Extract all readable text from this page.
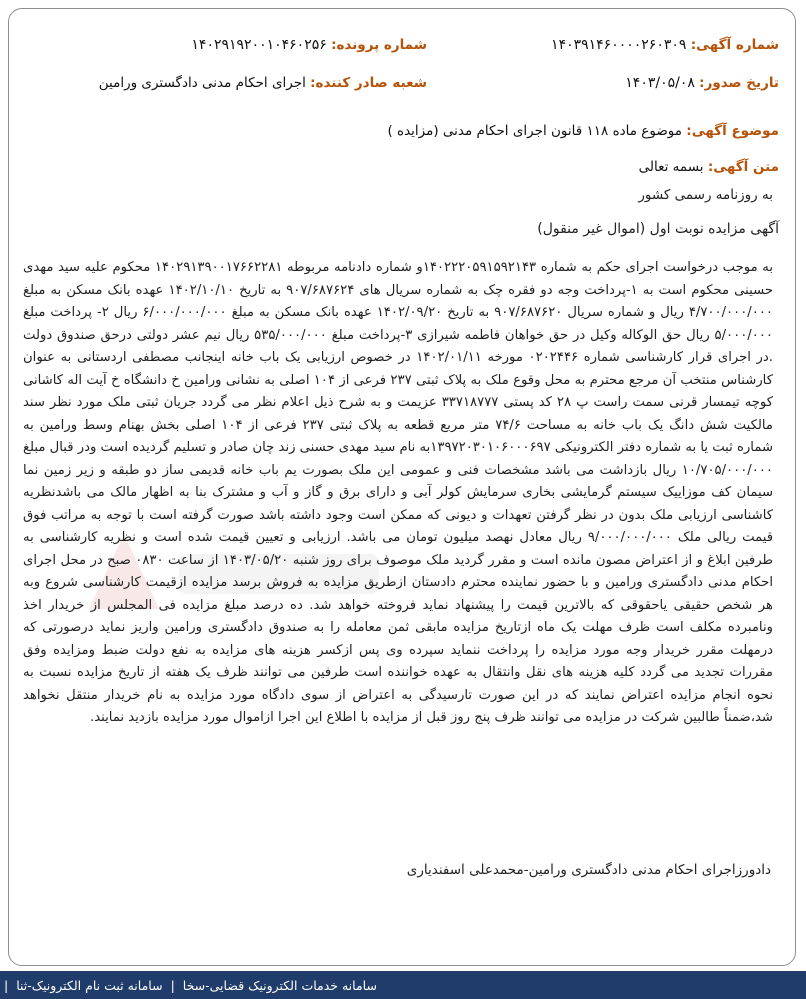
شماره آگهی: ۱۴۰۳۹۱۴۶۰۰۰۰۲۶۰۳۰۹
شماره پرونده: ۱۴۰۲۹۱۹۲۰۰۱۰۴۶۰۲۵۶
تاریخ صدور: ۱۴۰۳/۰۵/۰۸
شعبه صادر کننده: اجرای احکام مدنی دادگستری ورامین
موضوع آگهی: موضوع ماده ۱۱۸ قانون اجرای احکام مدنی (مزایده )
متن آگهی: بسمه تعالی
به روزنامه رسمی کشور
آگهی مزایده نوبت اول (اموال غیر منقول)

به موجب درخواست اجرای حکم به شماره ۱۴۰۲۲۲۰۵۹۱۵۹۲۱۴۳و شماره دادنامه مربوطه ۱۴۰۲۹۱۳۹۰۰۱۷۶۶۲۲۸۱ محکوم علیه سید مهدی حسینی محکوم است به ۱-پرداخت وجه دو فقره چک به شماره سریال های ۹۰۷/۶۸۷۶۲۴ به تاریخ ۱۴۰۲/۱۰/۱۰ عهده بانک مسکن به مبلغ ۴/۷۰۰/۰۰۰/۰۰۰ ریال و شماره سریال ۹۰۷/۶۸۷۶۲۰ به تاریخ ۱۴۰۲/۰۹/۲۰ عهده بانک مسکن به مبلغ ۶/۰۰۰/۰۰۰/۰۰۰ ریال ۲- پرداخت مبلغ ۵/۰۰۰/۰۰۰ ریال حق الوکاله وکیل در حق خواهان فاطمه شیرازی ۳-پرداخت مبلغ ۵۳۵/۰۰۰/۰۰۰ ریال نیم عشر دولتی درحق صندوق دولت .در اجرای قرار کارشناسی شماره ۰۲۰۲۴۴۶ مورخه ۱۴۰۲/۰۱/۱۱ در خصوص ارزیابی یک باب خانه اینجانب مصطفی اردستانی به عنوان کارشناس منتخب آن مرجع محترم به محل وقوع ملک به پلاک ثبتی ۲۳۷ فرعی از ۱۰۴ اصلی به نشانی ورامین خ دانشگاه خ آیت اله کاشانی کوچه تیمسار قرنی سمت راست پ ۲۸ کد پستی ۳۳۷۱۸۷۷۷ عزیمت و به شرح ذیل اعلام نظر می گردد جریان ثبتی ملک مورد نظر سند مالکیت شش دانگ یک باب خانه به مساحت ۷۴/۶ متر مربع قطعه به پلاک ثبتی ۲۳۷ فرعی از ۱۰۴ اصلی بخش بهنام وسط ورامین به شماره ثبت یا به شماره دفتر الکترونیکی ۱۳۹۷۲۰۳۰۱۰۶۰۰۰۶۹۷به نام سید مهدی حسنی زند چان صادر و تسلیم گردیده است ودر قبال مبلغ ۱۰/۷۰۵/۰۰۰/۰۰۰ ریال بازداشت می باشد مشخصات فنی و عمومی این ملک بصورت یم باب خانه قدیمی ساز دو طبقه و زیر زمین نما سیمان کف موزاییک سیستم گرمایشی بخاری سرمایش کولر آبی و دارای برق و گاز و آب و مشترک بنا به اظهار مالک می باشدنظریه کاشناسی ارزیابی ملک بدون در نظر گرفتن تعهدات و دیونی که ممکن است وجود داشته باشد صورت گرفته است با توجه به مراتب فوق قیمت ریالی ملک ۹/۰۰۰/۰۰۰/۰۰۰ ریال معادل نهصد میلیون تومان می باشد. ارزیابی و تعیین قیمت شده است و نظریه کارشناسی به طرفین ابلاغ و از اعتراض مصون مانده است و مقرر گردید ملک موصوف برای روز شنبه ۱۴۰۳/۰۵/۲۰ از ساعت ۰۸۳۰ صبح در محل اجرای احکام مدنی دادگستری ورامین و با حضور نماینده محترم دادستان ازطریق مزایده به فروش برسد مزایده ازقیمت کارشناسی شروع وبه هر شخص حقیقی یاحقوقی که بالاترین قیمت را پیشنهاد نماید فروخته خواهد شد. ده درصد مبلغ مزایده فی المجلس از خریدار اخذ ونامبرده مکلف است ظرف مهلت یک ماه ازتاریخ مزایده مابقی ثمن معامله را به صندوق دادگستری ورامین واریز نماید درصورتی که درمهلت مقرر خریدار وجه مورد مزایده را پرداخت ننماید سپرده وی پس ازکسر هزینه های مزایده به نفع دولت ضبط ومزایده وفق مقررات تجدید می گردد کلیه هزینه های نقل وانتقال به عهده خواننده است طرفین می توانند ظرف یک هفته از تاریخ مزایده نسبت به نحوه انجام مزایده اعتراض نمایند که در این صورت تارسیدگی به اعتراض از سوی دادگاه مورد مزایده به نام خریدار منتقل نخواهد شد،ضمناً طالبین شرکت در مزایده می توانند ظرف پنج روز قبل از مزایده با اطلاع این اجرا ازاموال مورد مزایده بازدید نمایند.

دادورزاجرای احکام مدنی دادگستری ورامین-محمدعلی اسفندیاری
سامانه خدمات الکترونیک قضایی-سخا
|
سامانه ثبت نام الکترونیک-ثنا
|
